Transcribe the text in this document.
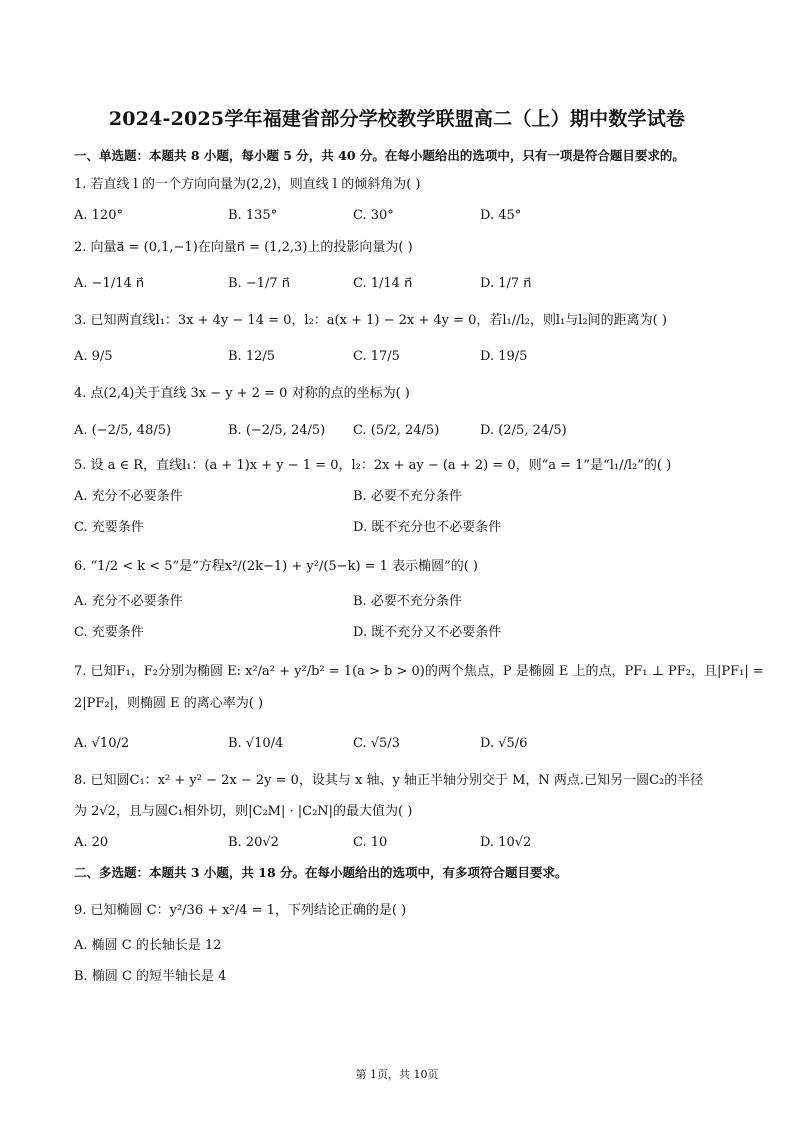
2024-2025学年福建省部分学校教学联盟高二（上）期中数学试卷
一、单选题：本题共 8 小题，每小题 5 分，共 40 分。在每小题给出的选项中，只有一项是符合题目要求的。
1. 若直线 l 的一个方向向量为(2,2)，则直线 l 的倾斜角为( )
A. 120°	B. 135°	C. 30°	D. 45°
2. 向量a⃗ = (0,1,−1)在向量n⃗ = (1,2,3)上的投影向量为( )
A. −1/14 n⃗	B. −1/7 n⃗	C. 1/14 n⃗	D. 1/7 n⃗
3. 已知两直线l₁：3x + 4y − 14 = 0，l₂：a(x + 1) − 2x + 4y = 0，若l₁//l₂，则l₁与l₂间的距离为( )
A. 9/5	B. 12/5	C. 17/5	D. 19/5
4. 点(2,4)关于直线 3x − y + 2 = 0 对称的点的坐标为( )
A. (−2/5, 48/5)	B. (−2/5, 24/5) C. (5/2, 24/5)	D. (2/5, 24/5)
5. 设 a ∈ R，直线l₁：(a + 1)x + y − 1 = 0，l₂：2x + ay − (a + 2) = 0，则“a = 1”是“l₁//l₂”的( )
A. 充分不必要条件	B. 必要不充分条件
C. 充要条件	D. 既不充分也不必要条件
6. “1/2 < k < 5”是“方程x²/(2k−1) + y²/(5−k) = 1 表示椭圆”的( )
A. 充分不必要条件	B. 必要不充分条件
C. 充要条件	D. 既不充分又不必要条件
7. 已知F₁，F₂分别为椭圆 E: x²/a² + y²/b² = 1(a > b > 0)的两个焦点，P 是椭圆 E 上的点，PF₁ ⊥ PF₂，且|PF₁| =
2|PF₂|，则椭圆 E 的离心率为( )
A. √10/2	B. √10/4	C. √5/3	D. √5/6
8. 已知圆C₁：x² + y² − 2x − 2y = 0，设其与 x 轴、y 轴正半轴分别交于 M，N 两点.已知另一圆C₂的半径
为 2√2，且与圆C₁相外切，则|C₂M| · |C₂N|的最大值为( )
A. 20	B. 20√2	C. 10	D. 10√2
二、多选题：本题共 3 小题，共 18 分。在每小题给出的选项中，有多项符合题目要求。
9. 已知椭圆 C：y²/36 + x²/4 = 1，下列结论正确的是( )
A. 椭圆 C 的长轴长是 12
B. 椭圆 C 的短半轴长是 4
第 1页，共 10页
